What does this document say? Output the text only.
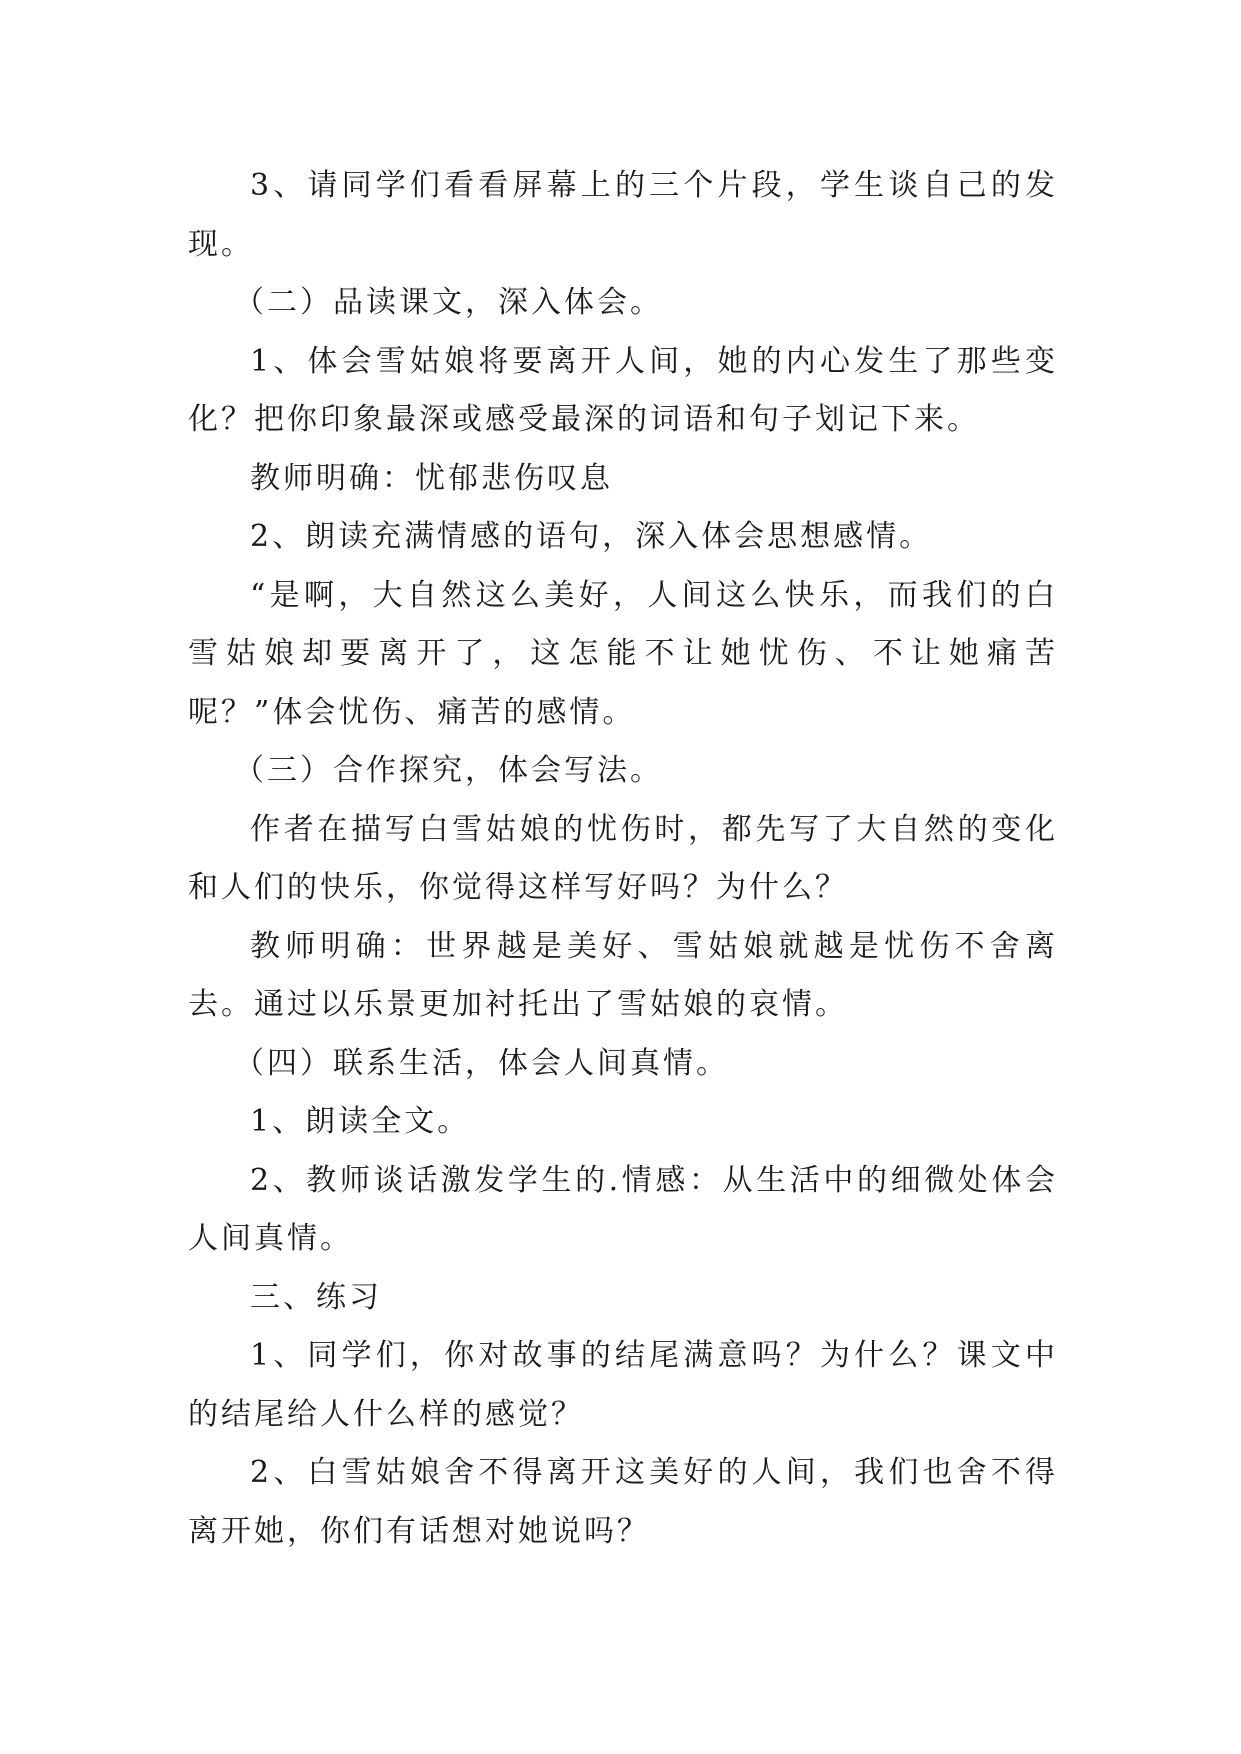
3、请同学们看看屏幕上的三个片段，学生谈自己的发现。

（二）品读课文，深入体会。

1、体会雪姑娘将要离开人间，她的内心发生了那些变化？把你印象最深或感受最深的词语和句子划记下来。

教师明确：忧郁悲伤叹息

2、朗读充满情感的语句，深入体会思想感情。

“是啊，大自然这么美好，人间这么快乐，而我们的白雪姑娘却要离开了，这怎能不让她忧伤、不让她痛苦呢？”体会忧伤、痛苦的感情。

（三）合作探究，体会写法。

作者在描写白雪姑娘的忧伤时，都先写了大自然的变化和人们的快乐，你觉得这样写好吗？为什么？

教师明确：世界越是美好、雪姑娘就越是忧伤不舍离去。通过以乐景更加衬托出了雪姑娘的哀情。

（四）联系生活，体会人间真情。

1、朗读全文。

2、教师谈话激发学生的.情感：从生活中的细微处体会人间真情。

三、练习

1、同学们，你对故事的结尾满意吗？为什么？课文中的结尾给人什么样的感觉？

2、白雪姑娘舍不得离开这美好的人间，我们也舍不得离开她，你们有话想对她说吗？
